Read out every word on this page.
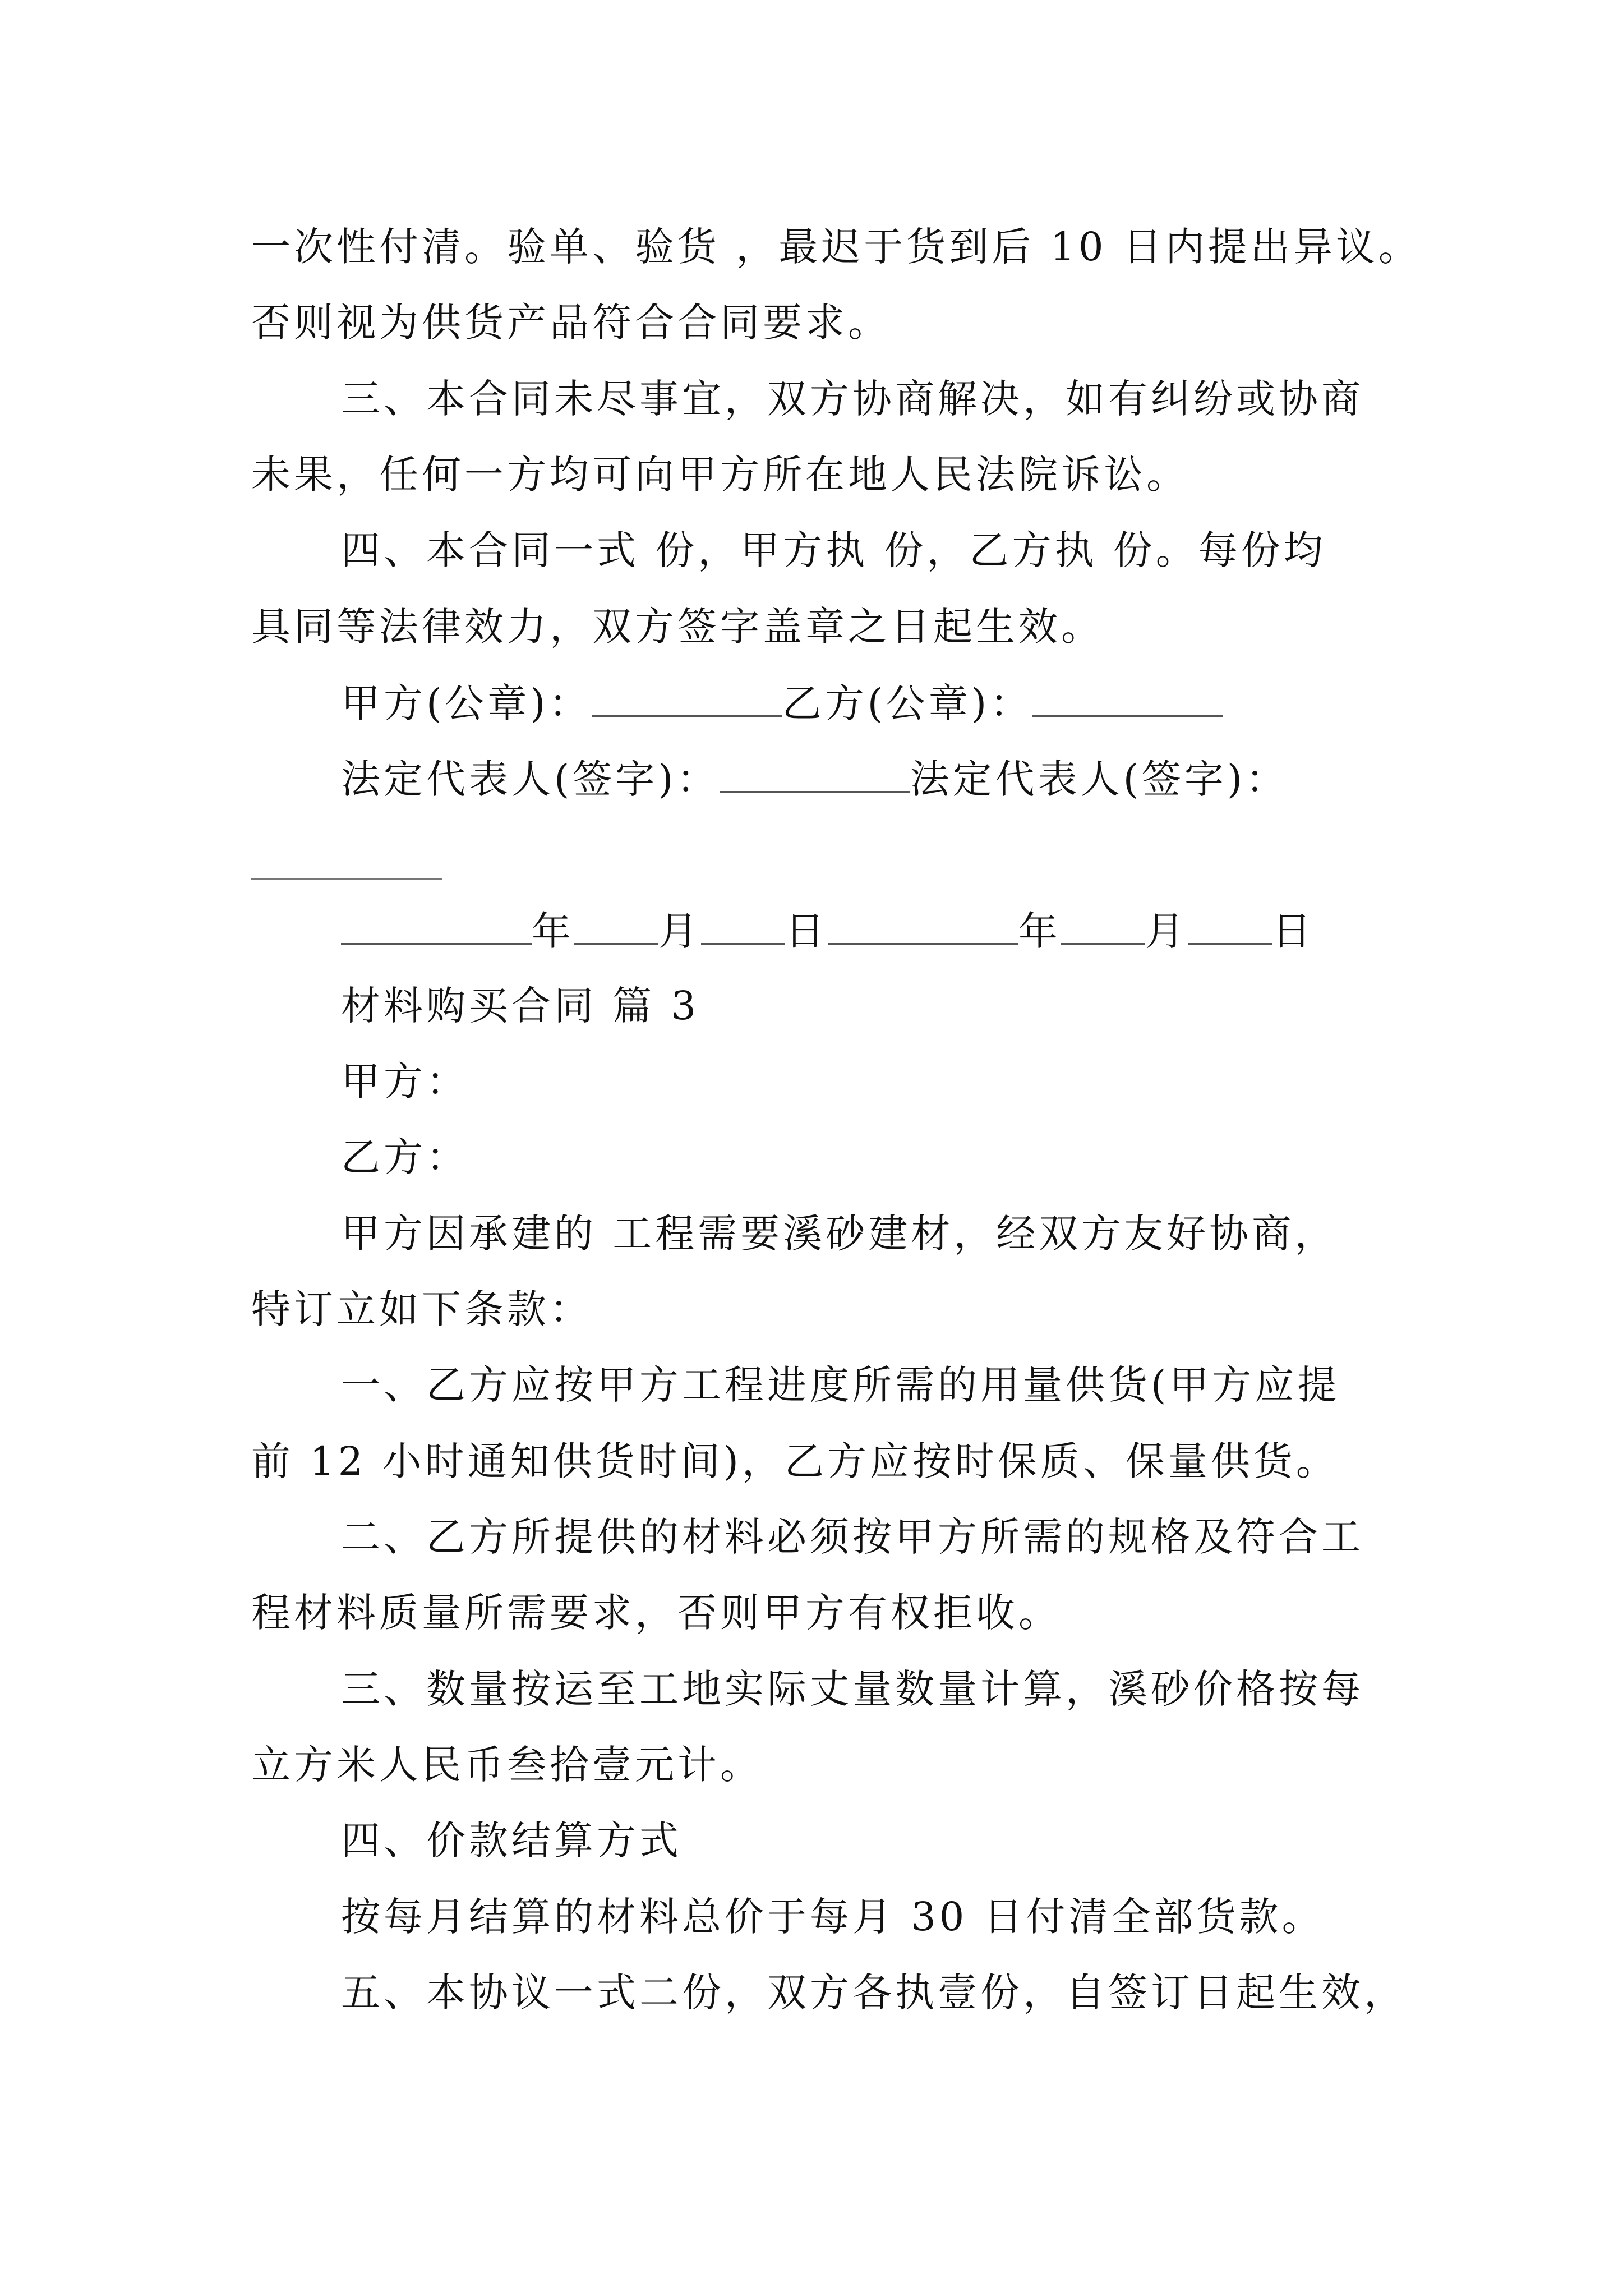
一次性付清。验单、验货 ，最迟于货到后 10 日内提出异议。
否则视为供货产品符合合同要求。
三、本合同未尽事宜，双方协商解决，如有纠纷或协商
未果，任何一方均可向甲方所在地人民法院诉讼。
四、本合同一式 份，甲方执 份，乙方执 份。每份均
具同等法律效力，双方签字盖章之日起生效。
甲方(公章)：	乙方(公章)：
法定代表人(签字)：	法定代表人(签字)：
年 月 日	年 月 日
材料购买合同 篇 3
甲方：
乙方：
甲方因承建的 工程需要溪砂建材，经双方友好协商，
特订立如下条款：
一、乙方应按甲方工程进度所需的用量供货(甲方应提
前 12 小时通知供货时间)，乙方应按时保质、保量供货。
二、乙方所提供的材料必须按甲方所需的规格及符合工
程材料质量所需要求，否则甲方有权拒收。
三、数量按运至工地实际丈量数量计算，溪砂价格按每
立方米人民币叁拾壹元计。
四、价款结算方式
按每月结算的材料总价于每月 30 日付清全部货款。
五、本协议一式二份，双方各执壹份，自签订日起生效，
